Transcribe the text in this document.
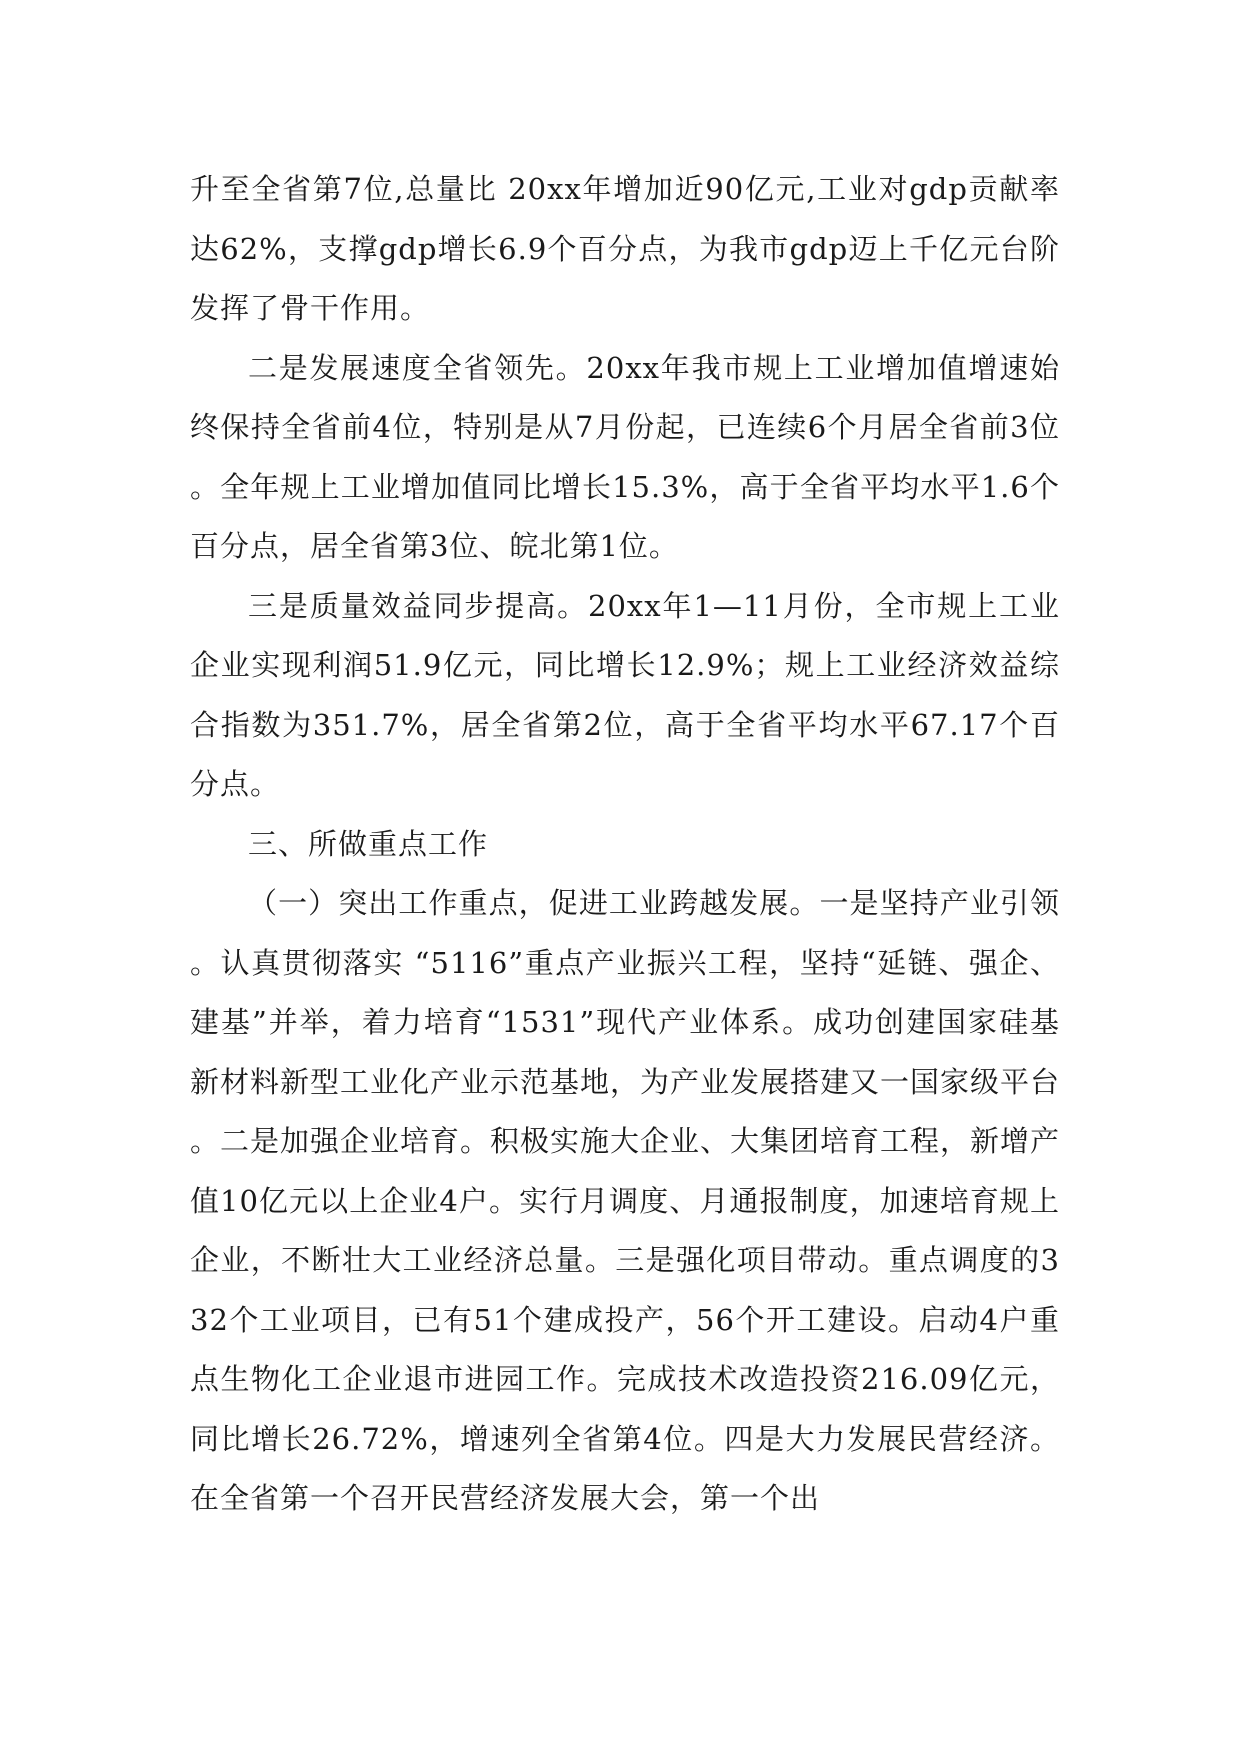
升至全省第7位,总量比 20xx年增加近90亿元,工业对gdp贡献率达62%，支撑gdp增长6.9个百分点，为我市gdp迈上千亿元台阶发挥了骨干作用。

二是发展速度全省领先。20xx年我市规上工业增加值增速始终保持全省前4位，特别是从7月份起，已连续6个月居全省前3位。全年规上工业增加值同比增长15.3%，高于全省平均水平1.6个百分点，居全省第3位、皖北第1位。

三是质量效益同步提高。20xx年1—11月份，全市规上工业企业实现利润51.9亿元，同比增长12.9%；规上工业经济效益综合指数为351.7%，居全省第2位，高于全省平均水平67.17个百分点。

三、所做重点工作

（一）突出工作重点，促进工业跨越发展。一是坚持产业引领。认真贯彻落实 “5116”重点产业振兴工程，坚持“延链、强企、建基”并举，着力培育“1531”现代产业体系。成功创建国家硅基新材料新型工业化产业示范基地，为产业发展搭建又一国家级平台。二是加强企业培育。积极实施大企业、大集团培育工程，新增产值10亿元以上企业4户。实行月调度、月通报制度，加速培育规上企业，不断壮大工业经济总量。三是强化项目带动。重点调度的332个工业项目，已有51个建成投产，56个开工建设。启动4户重点生物化工企业退市进园工作。完成技术改造投资216.09亿元，同比增长26.72%，增速列全省第4位。四是大力发展民营经济。在全省第一个召开民营经济发展大会，第一个出
